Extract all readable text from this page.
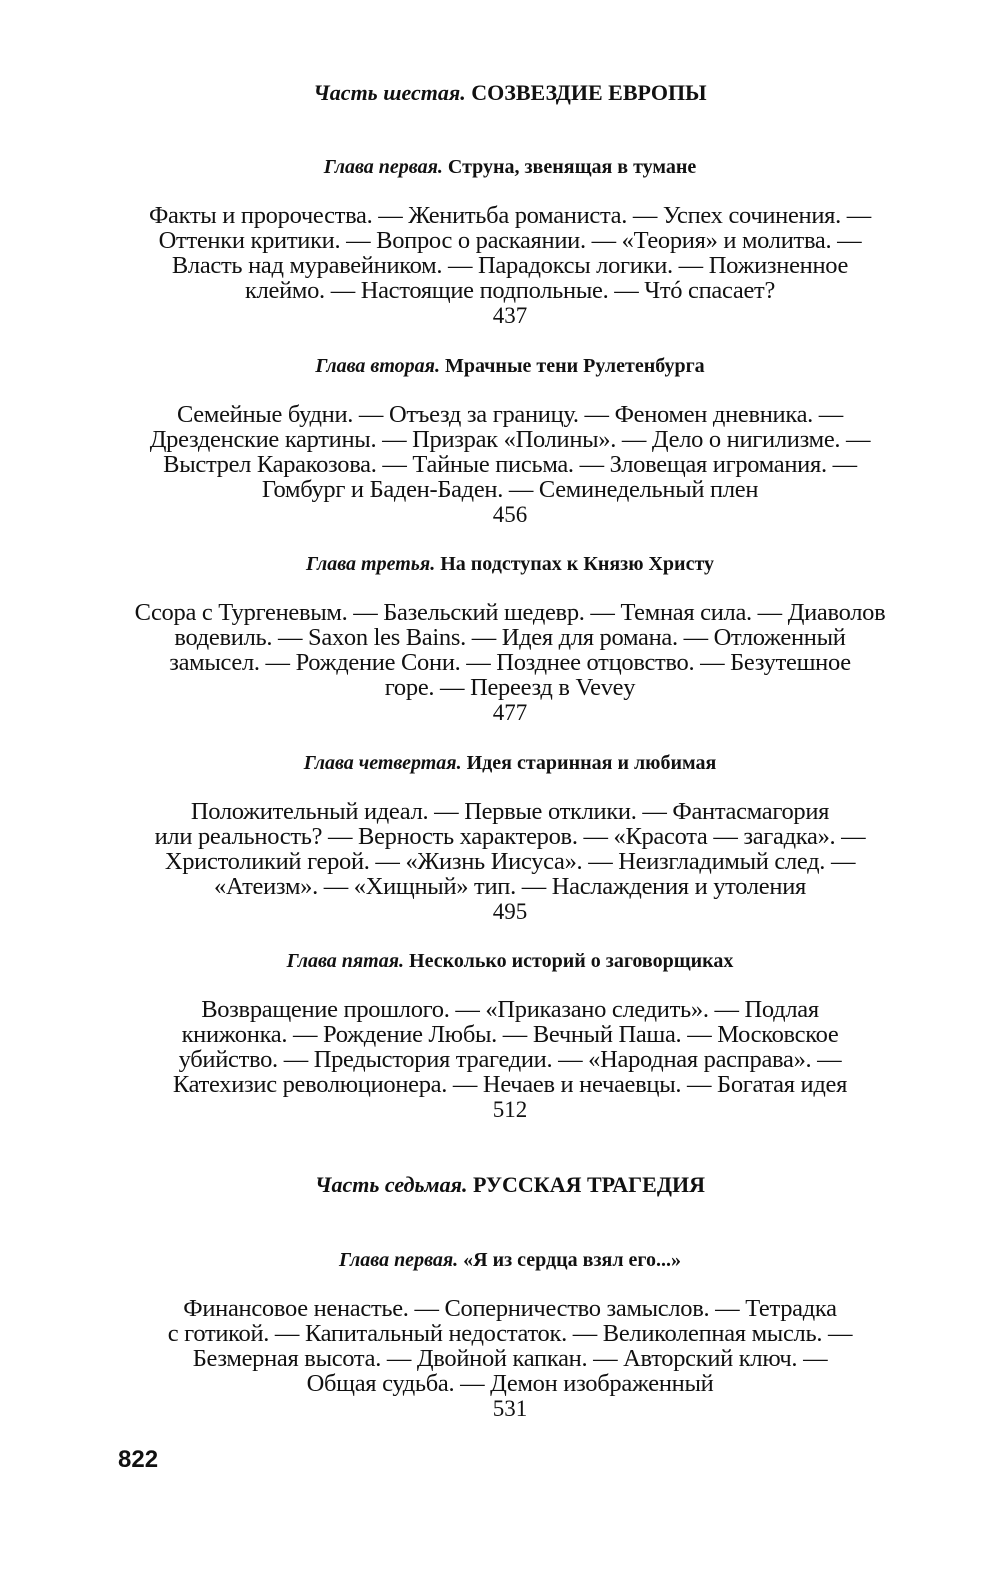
Часть шестая. СОЗВЕЗДИЕ ЕВРОПЫ
Глава первая. Струна, звенящая в тумане
Факты и пророчества. — Женитьба романиста. — Успех сочинения. —
Оттенки критики. — Вопрос о раскаянии. — «Теория» и молитва. —
Власть над муравейником. — Парадоксы логики. — Пожизненное
клеймо. — Настоящие подпольные. — Чтó спасает?
437
Глава вторая. Мрачные тени Рулетенбурга
Семейные будни. — Отъезд за границу. — Феномен дневника. —
Дрезденские картины. — Призрак «Полины». — Дело о нигилизме. —
Выстрел Каракозова. — Тайные письма. — Зловещая игромания. —
Гомбург и Баден-Баден. — Семинедельный плен
456
Глава третья. На подступах к Князю Христу
Ссора с Тургеневым. — Базельский шедевр. — Темная сила. — Диаволов
водевиль. — Saxon les Bains. — Идея для романа. — Отложенный
замысел. — Рождение Сони. — Позднее отцовство. — Безутешное
горе. — Переезд в Vevey
477
Глава четвертая. Идея старинная и любимая
Положительный идеал. — Первые отклики. — Фантасмагория
или реальность? — Верность характеров. — «Красота — загадка». —
Христоликий герой. — «Жизнь Иисуса». — Неизгладимый след. —
«Атеизм». — «Хищный» тип. — Наслаждения и утоления
495
Глава пятая. Несколько историй о заговорщиках
Возвращение прошлого. — «Приказано следить». — Подлая
книжонка. — Рождение Любы. — Вечный Паша. — Московское
убийство. — Предыстория трагедии. — «Народная расправа». —
Катехизис революционера. — Нечаев и нечаевцы. — Богатая идея
512
Глава первая. «Я из сердца взял его...»
Финансовое ненастье. — Соперничество замыслов. — Тетрадка
с готикой. — Капитальный недостаток. — Великолепная мысль. —
Безмерная высота. — Двойной капкан. — Авторский ключ. —
Общая судьба. — Демон изображенный
531
Часть седьмая. РУССКАЯ ТРАГЕДИЯ
822
